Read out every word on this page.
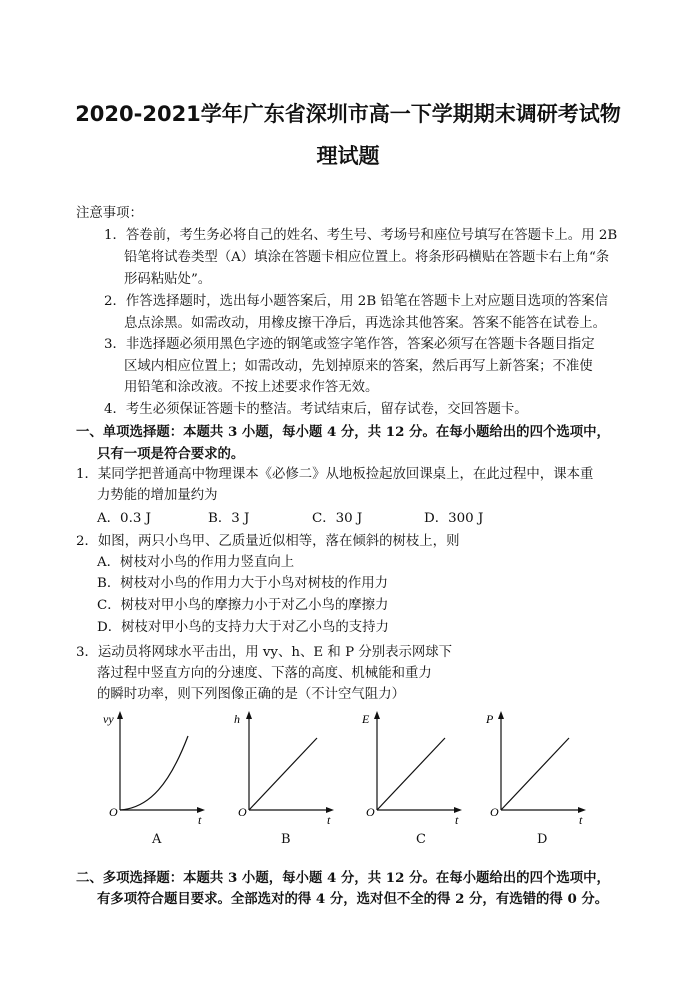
2020-2021学年广东省深圳市高一下学期期末调研考试物
理试题
注意事项：
1．答卷前，考生务必将自己的姓名、考生号、考场号和座位号填写在答题卡上。用 2B
铅笔将试卷类型（A）填涂在答题卡相应位置上。将条形码横贴在答题卡右上角“条
形码粘贴处”。
2．作答选择题时，选出每小题答案后，用 2B 铅笔在答题卡上对应题目选项的答案信
息点涂黑。如需改动，用橡皮擦干净后，再选涂其他答案。答案不能答在试卷上。
3．非选择题必须用黑色字迹的钢笔或签字笔作答，答案必须写在答题卡各题目指定
区域内相应位置上；如需改动，先划掉原来的答案，然后再写上新答案；不准使
用铅笔和涂改液。不按上述要求作答无效。
4．考生必须保证答题卡的整洁。考试结束后，留存试卷，交回答题卡。
一、单项选择题：本题共 3 小题，每小题 4 分，共 12 分。在每小题给出的四个选项中，
只有一项是符合要求的。
1．某同学把普通高中物理课本《必修二》从地板捡起放回课桌上，在此过程中，课本重
力势能的增加量约为
A．0.3 J	B．3 J	C．30 J	D．300 J
2．如图，两只小鸟甲、乙质量近似相等，落在倾斜的树枝上，则
A．树枝对小鸟的作用力竖直向上
B．树枝对小鸟的作用力大于小鸟对树枝的作用力
C．树枝对甲小鸟的摩擦力小于对乙小鸟的摩擦力
D．树枝对甲小鸟的支持力大于对乙小鸟的支持力
3．运动员将网球水平击出，用 vy、h、E 和 P 分别表示网球下
落过程中竖直方向的分速度、下落的高度、机械能和重力
的瞬时功率，则下列图像正确的是（不计空气阻力）
vy
O
t
h
O
t
E
O
t
P
O
t
A	B	C	D
二、多项选择题：本题共 3 小题，每小题 4 分，共 12 分。在每小题给出的四个选项中，
有多项符合题目要求。全部选对的得 4 分，选对但不全的得 2 分，有选错的得 0 分。
